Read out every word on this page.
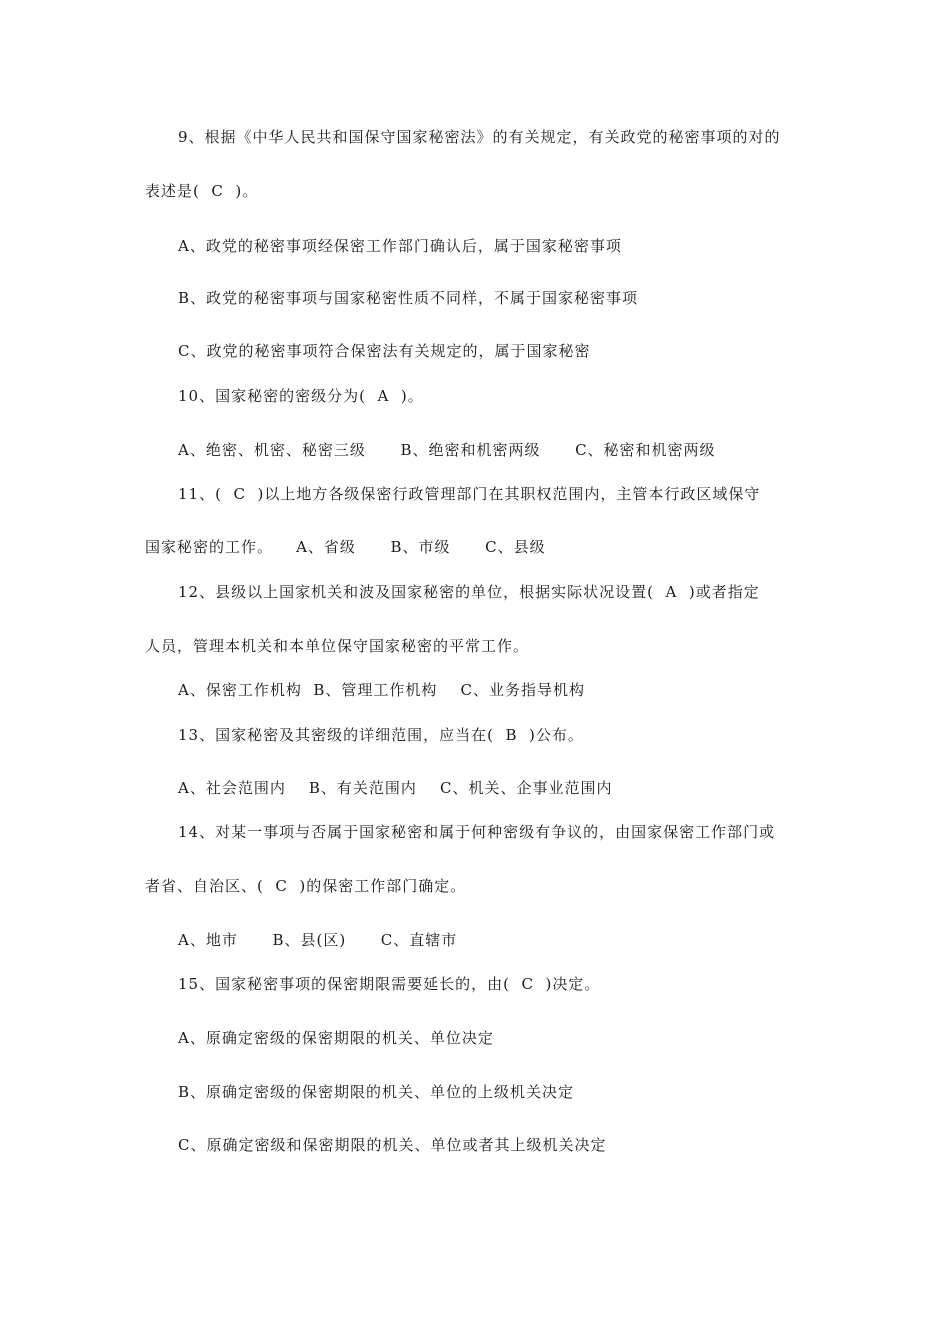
9、根据《中华人民共和国保守国家秘密法》的有关规定，有关政党的秘密事项的对的
表述是(  C  )。
A、政党的秘密事项经保密工作部门确认后，属于国家秘密事项
B、政党的秘密事项与国家秘密性质不同样，不属于国家秘密事项
C、政党的秘密事项符合保密法有关规定的，属于国家秘密
10、国家秘密的密级分为(  A  )。
A、绝密、机密、秘密三级      B、绝密和机密两级      C、秘密和机密两级
11、(  C  )以上地方各级保密行政管理部门在其职权范围内，主管本行政区域保守
国家秘密的工作。    A、省级      B、市级      C、县级
12、县级以上国家机关和波及国家秘密的单位，根据实际状况设置(  A  )或者指定
人员，管理本机关和本单位保守国家秘密的平常工作。
A、保密工作机构  B、管理工作机构    C、业务指导机构
13、国家秘密及其密级的详细范围，应当在(  B  )公布。
A、社会范围内    B、有关范围内    C、机关、企事业范围内
14、对某一事项与否属于国家秘密和属于何种密级有争议的，由国家保密工作部门或
者省、自治区、(  C  )的保密工作部门确定。
A、地市      B、县(区)      C、直辖市
15、国家秘密事项的保密期限需要延长的，由(  C  )决定。
A、原确定密级的保密期限的机关、单位决定
B、原确定密级的保密期限的机关、单位的上级机关决定
C、原确定密级和保密期限的机关、单位或者其上级机关决定
